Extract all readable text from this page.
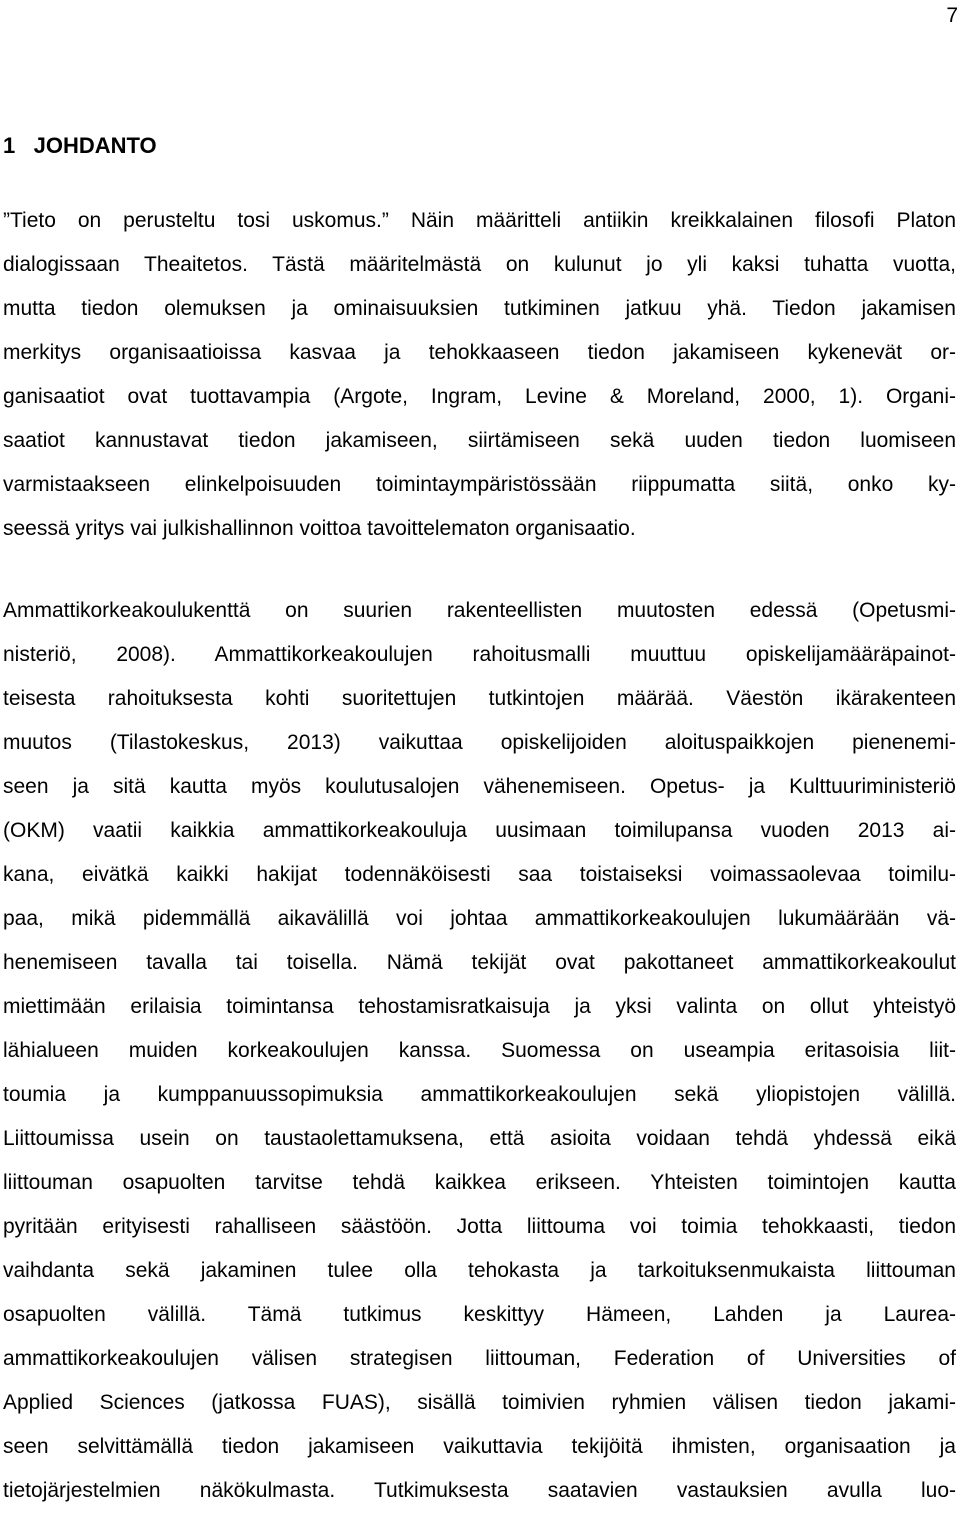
7
1 JOHDANTO
”Tieto on perusteltu tosi uskomus.” Näin määritteli antiikin kreikkalainen filosofi Platon
dialogissaan Theaitetos. Tästä määritelmästä on kulunut jo yli kaksi tuhatta vuotta,
mutta tiedon olemuksen ja ominaisuuksien tutkiminen jatkuu yhä. Tiedon jakamisen
merkitys organisaatioissa kasvaa ja tehokkaaseen tiedon jakamiseen kykenevät or-
ganisaatiot ovat tuottavampia (Argote, Ingram, Levine & Moreland, 2000, 1). Organi-
saatiot kannustavat tiedon jakamiseen, siirtämiseen sekä uuden tiedon luomiseen
varmistaakseen elinkelpoisuuden toimintaympäristössään riippumatta siitä, onko ky-
seessä yritys vai julkishallinnon voittoa tavoittelematon organisaatio.
Ammattikorkeakoulukenttä on suurien rakenteellisten muutosten edessä (Opetusmi-
nisteriö, 2008). Ammattikorkeakoulujen rahoitusmalli muuttuu opiskelijamääräpainot-
teisesta rahoituksesta kohti suoritettujen tutkintojen määrää. Väestön ikärakenteen
muutos (Tilastokeskus, 2013) vaikuttaa opiskelijoiden aloituspaikkojen pienenemi-
seen ja sitä kautta myös koulutusalojen vähenemiseen. Opetus- ja Kulttuuriministeriö
(OKM) vaatii kaikkia ammattikorkeakouluja uusimaan toimilupansa vuoden 2013 ai-
kana, eivätkä kaikki hakijat todennäköisesti saa toistaiseksi voimassaolevaa toimilu-
paa, mikä pidemmällä aikavälillä voi johtaa ammattikorkeakoulujen lukumäärään vä-
henemiseen tavalla tai toisella. Nämä tekijät ovat pakottaneet ammattikorkeakoulut
miettimään erilaisia toimintansa tehostamisratkaisuja ja yksi valinta on ollut yhteistyö
lähialueen muiden korkeakoulujen kanssa. Suomessa on useampia eritasoisia liit-
toumia ja kumppanuussopimuksia ammattikorkeakoulujen sekä yliopistojen välillä.
Liittoumissa usein on taustaolettamuksena, että asioita voidaan tehdä yhdessä eikä
liittouman osapuolten tarvitse tehdä kaikkea erikseen. Yhteisten toimintojen kautta
pyritään erityisesti rahalliseen säästöön. Jotta liittouma voi toimia tehokkaasti, tiedon
vaihdanta sekä jakaminen tulee olla tehokasta ja tarkoituksenmukaista liittouman
osapuolten välillä. Tämä tutkimus keskittyy Hämeen, Lahden ja Laurea-
ammattikorkeakoulujen välisen strategisen liittouman, Federation of Universities of
Applied Sciences (jatkossa FUAS), sisällä toimivien ryhmien välisen tiedon jakami-
seen selvittämällä tiedon jakamiseen vaikuttavia tekijöitä ihmisten, organisaation ja
tietojärjestelmien näkökulmasta. Tutkimuksesta saatavien vastauksien avulla luo-
